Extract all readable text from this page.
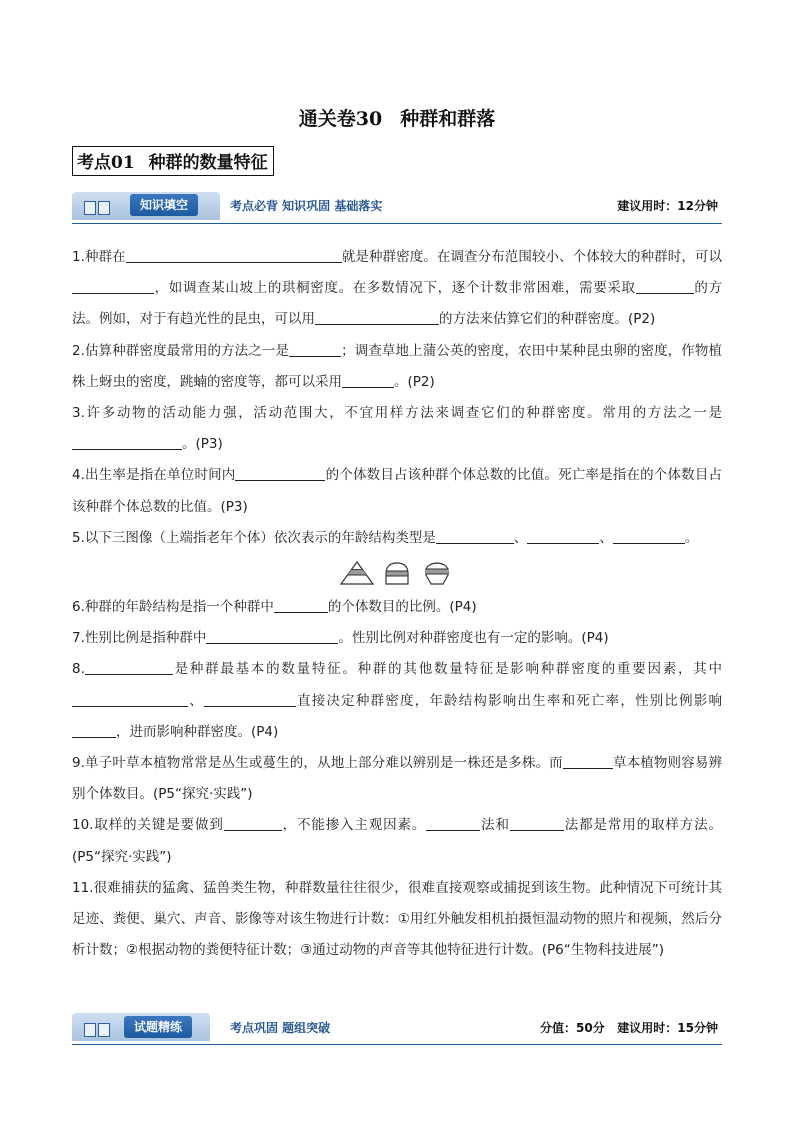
通关卷30 种群和群落
考点01 种群的数量特征
知识填空	考点必背 知识巩固 基础落实	建议用时：12分钟

1.种群在	就是种群密度。在调查分布范围较小、个体较大的种群时，可以，如调查某山坡上的珙桐密度。在多数情况下，逐个计数非常困难，需要采取	的方法。例如，对于有趋光性的昆虫，可以用	的方法来估算它们的种群密度。(P2)

2.估算种群密度最常用的方法之一是	；调查草地上蒲公英的密度，农田中某种昆虫卵的密度，作物植株上蚜虫的密度，跳蝻的密度等，都可以采用	。(P2)

3.许多动物的活动能力强，活动范围大，不宜用样方法来调查它们的种群密度。常用的方法之一是。(P3)

4.出生率是指在单位时间内	的个体数目占该种群个体总数的比值。死亡率是指在的个体数目占该种群个体总数的比值。(P3)

5.以下三图像（上端指老年个体）依次表示的年龄结构类型是	、	、	。

6.种群的年龄结构是指一个种群中	的个体数目的比例。(P4)

7.性别比例是指种群中	。性别比例对种群密度也有一定的影响。(P4)

8.	是种群最基本的数量特征。种群的其他数量特征是影响种群密度的重要因素，其中、	直接决定种群密度，年龄结构影响出生率和死亡率，性别比例影响，进而影响种群密度。(P4)

9.单子叶草本植物常常是丛生或蔓生的，从地上部分难以辨别是一株还是多株。而	草本植物则容易辨别个体数目。(P5“探究·实践”)

10.取样的关键是要做到	，不能掺入主观因素。	法和	法都是常用的取样方法。(P5“探究·实践”)

11.很难捕获的猛禽、猛兽类生物，种群数量往往很少，很难直接观察或捕捉到该生物。此种情况下可统计其足迹、粪便、巢穴、声音、影像等对该生物进行计数：①用红外触发相机拍摄恒温动物的照片和视频，然后分析计数；②根据动物的粪便特征计数；③通过动物的声音等其他特征进行计数。(P6“生物科技进展”)

试题精练	考点巩固 题组突破	分值：50分 建议用时：15分钟
